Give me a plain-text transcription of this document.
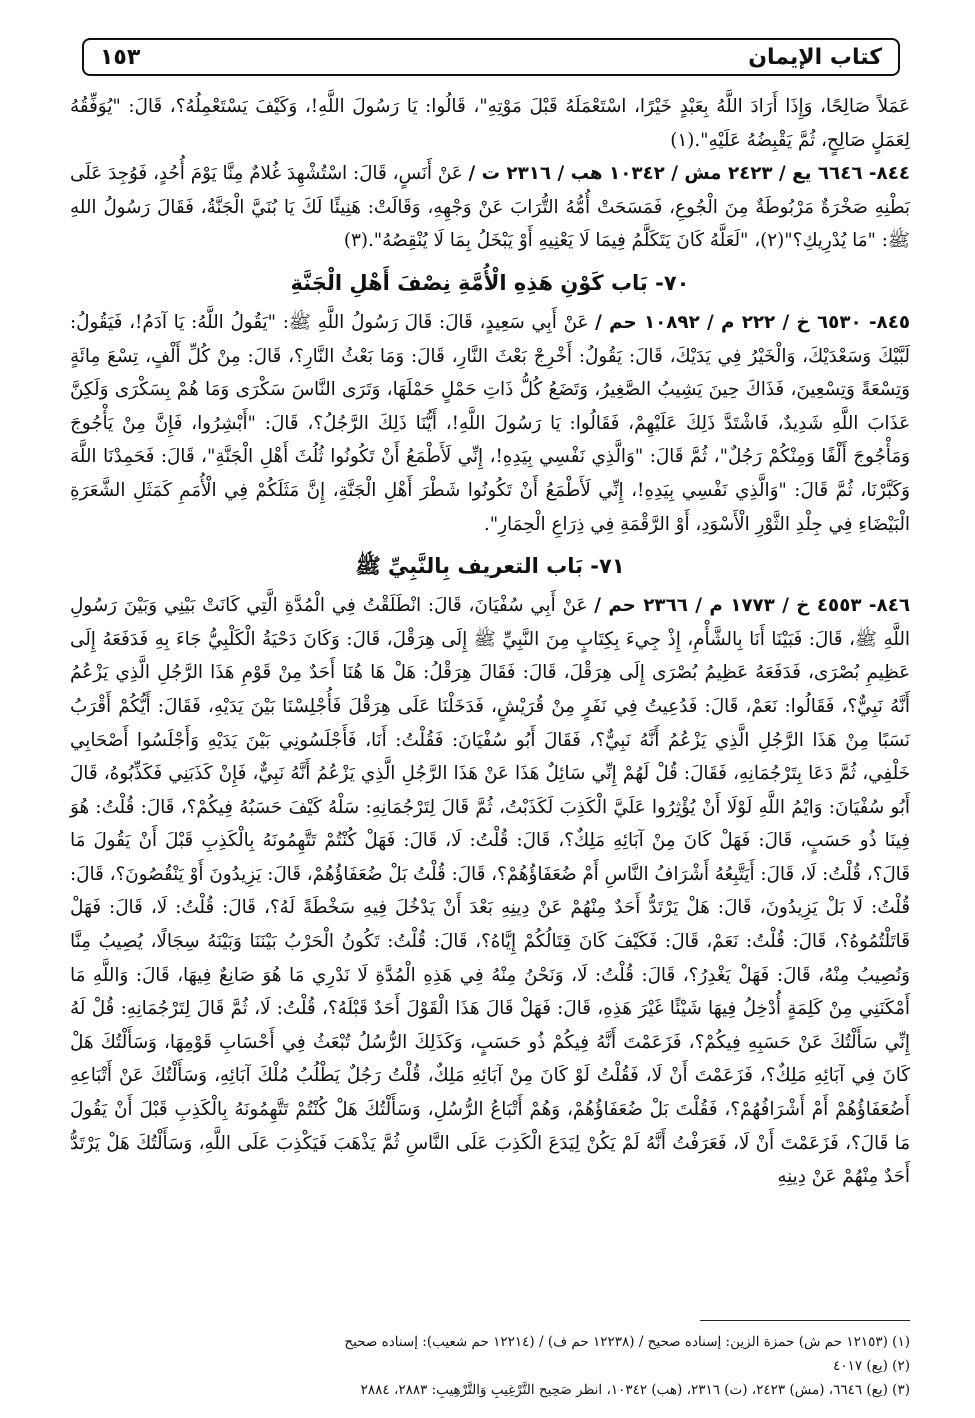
كتاب الإيمان
١٥٣

عَمَلاً صَالِحًا، وَإِذَا أَرَادَ اللَّهُ بِعَبْدٍ خَيْرًا، اسْتَعْمَلَهُ قَبْلَ مَوْتِهِ"، قَالُوا: يَا رَسُولَ اللَّهِ!، وَكَيْفَ يَسْتَعْمِلُهُ؟، قَالَ: "يُوَفِّقُهُ لِعَمَلٍ صَالِحٍ، ثُمَّ يَقْبِضُهُ عَلَيْهِ".(١)

٨٤٤- ٦٦٤٦ يع / ٢٤٢٣ مش / ١٠٣٤٢ هب / ٢٣١٦ ت / عَنْ أَنَسٍ، قَالَ: اسْتُشْهِدَ غُلامٌ مِنَّا يَوْمَ أُحُدٍ، فَوُجِدَ عَلَى بَطْنِهِ صَخْرَةٌ مَرْبُوطَةٌ مِنَ الْجُوعِ، فَمَسَحَتْ أُمُّهُ التُّرَابَ عَنْ وَجْهِهِ، وَقَالَتْ: هَنِيئًا لَكَ يَا بُنَيَّ الْجَنَّةُ، فَقَالَ رَسُولُ اللهِ ﷺ: "مَا يُدْرِيكِ؟"(٢)، "لَعَلَّهُ كَانَ يَتَكَلَّمُ فِيمَا لَا يَعْنِيهِ أَوْ يَبْخَلُ بِمَا لَا يُنْقِصُهُ".(٣)

٧٠- بَاب كَوْنِ هَذِهِ الْأُمَّةِ نِصْفَ أَهْلِ الْجَنَّةِ

٨٤٥- ٦٥٣٠ خ / ٢٢٢ م / ١٠٨٩٢ حم / عَنْ أَبِي سَعِيدٍ، قَالَ: قَالَ رَسُولُ اللَّهِ ﷺ: "يَقُولُ اللَّهُ: يَا آدَمُ!، فَيَقُولُ: لَبَّيْكَ وَسَعْدَيْكَ، وَالْخَيْرُ فِي يَدَيْكَ، قَالَ: يَقُولُ: أَخْرِجْ بَعْثَ النَّارِ، قَالَ: وَمَا بَعْثُ النَّارِ؟، قَالَ: مِنْ كُلِّ أَلْفٍ، تِسْعَ مِائَةٍ وَتِسْعَةً وَتِسْعِينَ، فَذَاكَ حِينَ يَشِيبُ الصَّغِيرُ، وَتَضَعُ كُلُّ ذَاتِ حَمْلٍ حَمْلَهَا، وَتَرَى النَّاسَ سَكْرَى وَمَا هُمْ بِسَكْرَى وَلَكِنَّ عَذَابَ اللَّهِ شَدِيدٌ، فَاشْتَدَّ ذَلِكَ عَلَيْهِمْ، فَقَالُوا: يَا رَسُولَ اللَّهِ!، أَيُّنَا ذَلِكَ الرَّجُلُ؟، قَالَ: "أَبْشِرُوا، فَإِنَّ مِنْ يَأْجُوجَ وَمَأْجُوجَ أَلْفًا وَمِنْكُمْ رَجُلٌ"، ثُمَّ قَالَ: "وَالَّذِي نَفْسِي بِيَدِهِ!، إِنِّي لَأَطْمَعُ أَنْ تَكُونُوا ثُلُثَ أَهْلِ الْجَنَّةِ"، قَالَ: فَحَمِدْنَا اللَّهَ وَكَبَّرْنَا، ثُمَّ قَالَ: "وَالَّذِي نَفْسِي بِيَدِهِ!، إِنِّي لَأَطْمَعُ أَنْ تَكُونُوا شَطْرَ أَهْلِ الْجَنَّةِ، إِنَّ مَثَلَكُمْ فِي الْأُمَمِ كَمَثَلِ الشَّعَرَةِ الْبَيْضَاءِ فِي جِلْدِ الثَّوْرِ الْأَسْوَدِ، أَوْ الرَّقْمَةِ فِي ذِرَاعِ الْحِمَارِ".

٧١- بَاب التعريف بِالنَّبِيِّ ﷺ

٨٤٦- ٤٥٥٣ خ / ١٧٧٣ م / ٢٣٦٦ حم / عَنْ أَبِي سُفْيَانَ، قَالَ: انْطَلَقْتُ فِي الْمُدَّةِ الَّتِي كَانَتْ بَيْنِي وَبَيْنَ رَسُولِ اللَّهِ ﷺ، قَالَ: فَبَيْنَا أَنَا بِالشَّأْمِ، إِذْ جِيءَ بِكِتَابٍ مِنَ النَّبِيِّ ﷺ إِلَى هِرَقْلَ، قَالَ: وَكَانَ دَحْيَةُ الْكَلْبِيُّ جَاءَ بِهِ فَدَفَعَهُ إِلَى عَظِيمِ بُصْرَى، فَدَفَعَهُ عَظِيمُ بُصْرَى إِلَى هِرَقْلَ، قَالَ: فَقَالَ هِرَقْلُ: هَلْ هَا هُنَا أَحَدٌ مِنْ قَوْمِ هَذَا الرَّجُلِ الَّذِي يَزْعُمُ أَنَّهُ نَبِيٌّ؟، فَقَالُوا: نَعَمْ، قَالَ: فَدُعِيتُ فِي نَفَرٍ مِنْ قُرَيْشٍ، فَدَخَلْنَا عَلَى هِرَقْلَ فَأُجْلِسْنَا بَيْنَ يَدَيْهِ، فَقَالَ: أَيُّكُمْ أَقْرَبُ نَسَبًا مِنْ هَذَا الرَّجُلِ الَّذِي يَزْعُمُ أَنَّهُ نَبِيٌّ؟، فَقَالَ أَبُو سُفْيَانَ: فَقُلْتُ: أَنَا، فَأَجْلَسُونِي بَيْنَ يَدَيْهِ وَأَجْلَسُوا أَصْحَابِي خَلْفِي، ثُمَّ دَعَا بِتَرْجُمَانِهِ، فَقَالَ: قُلْ لَهُمْ إِنِّي سَائِلٌ هَذَا عَنْ هَذَا الرَّجُلِ الَّذِي يَزْعُمُ أَنَّهُ نَبِيٌّ، فَإِنْ كَذَبَنِي فَكَذِّبُوهُ، قَالَ أَبُو سُفْيَانَ: وَايْمُ اللَّهِ لَوْلَا أَنْ يُؤْثِرُوا عَلَيَّ الْكَذِبَ لَكَذَبْتُ، ثُمَّ قَالَ لِتَرْجُمَانِهِ: سَلْهُ كَيْفَ حَسَبُهُ فِيكُمْ؟، قَالَ: قُلْتُ: هُوَ فِينَا ذُو حَسَبٍ، قَالَ: فَهَلْ كَانَ مِنْ آبَائِهِ مَلِكٌ؟، قَالَ: قُلْتُ: لَا، قَالَ: فَهَلْ كُنْتُمْ تَتَّهِمُونَهُ بِالْكَذِبِ قَبْلَ أَنْ يَقُولَ مَا قَالَ؟، قُلْتُ: لَا، قَالَ: أَيَتَّبِعُهُ أَشْرَافُ النَّاسِ أَمْ ضُعَفَاؤُهُمْ؟، قَالَ: قُلْتُ بَلْ ضُعَفَاؤُهُمْ، قَالَ: يَزِيدُونَ أَوْ يَنْقُصُونَ؟، قَالَ: قُلْتُ: لَا بَلْ يَزِيدُونَ، قَالَ: هَلْ يَرْتَدُّ أَحَدٌ مِنْهُمْ عَنْ دِينِهِ بَعْدَ أَنْ يَدْخُلَ فِيهِ سَخْطَةً لَهُ؟، قَالَ: قُلْتُ: لَا، قَالَ: فَهَلْ قَاتَلْتُمُوهُ؟، قَالَ: قُلْتُ: نَعَمْ، قَالَ: فَكَيْفَ كَانَ قِتَالُكُمْ إِيَّاهُ؟، قَالَ: قُلْتُ: تَكُونُ الْحَرْبُ بَيْنَنَا وَبَيْنَهُ سِجَالًا، يُصِيبُ مِنَّا وَنُصِيبُ مِنْهُ، قَالَ: فَهَلْ يَغْدِرُ؟، قَالَ: قُلْتُ: لَا، وَنَحْنُ مِنْهُ فِي هَذِهِ الْمُدَّةِ لَا نَدْرِي مَا هُوَ صَانِعٌ فِيهَا، قَالَ: وَاللَّهِ مَا أَمْكَنَنِي مِنْ كَلِمَةٍ أُدْخِلُ فِيهَا شَيْئًا غَيْرَ هَذِهِ، قَالَ: فَهَلْ قَالَ هَذَا الْقَوْلَ أَحَدٌ قَبْلَهُ؟، قُلْتُ: لَا، ثُمَّ قَالَ لِتَرْجُمَانِهِ: قُلْ لَهُ إِنِّي سَأَلْتُكَ عَنْ حَسَبِهِ فِيكُمْ؟، فَزَعَمْتَ أَنَّهُ فِيكُمْ ذُو حَسَبٍ، وَكَذَلِكَ الرُّسُلُ تُبْعَثُ فِي أَحْسَابِ قَوْمِهَا، وَسَأَلْتُكَ هَلْ كَانَ فِي آبَائِهِ مَلِكٌ؟، فَزَعَمْتَ أَنْ لَا، فَقُلْتُ لَوْ كَانَ مِنْ آبَائِهِ مَلِكٌ، قُلْتُ رَجُلٌ يَطْلُبُ مُلْكَ آبَائِهِ، وَسَأَلْتُكَ عَنْ أَتْبَاعِهِ أَضُعَفَاؤُهُمْ أَمْ أَشْرَافُهُمْ؟، فَقُلْتَ بَلْ ضُعَفَاؤُهُمْ، وَهُمْ أَتْبَاعُ الرُّسُلِ، وَسَأَلْتُكَ هَلْ كُنْتُمْ تَتَّهِمُونَهُ بِالْكَذِبِ قَبْلَ أَنْ يَقُولَ مَا قَالَ؟، فَزَعَمْتَ أَنْ لَا، فَعَرَفْتُ أَنَّهُ لَمْ يَكُنْ لِيَدَعَ الْكَذِبَ عَلَى النَّاسِ ثُمَّ يَذْهَبَ فَيَكْذِبَ عَلَى اللَّهِ، وَسَأَلْتُكَ هَلْ يَرْتَدُّ أَحَدٌ مِنْهُمْ عَنْ دِينِهِ

(١) (١٢١٥٣ حم ش) حمزة الزين: إسناده صحيح / (١٢٢٣٨ حم ف) / (١٢٢١٤ حم شعيب): إسناده صحيح

(٢) (يع) ٤٠١٧

(٣) (يع) ٦٦٤٦، (مش) ٢٤٢٣، (ت) ٢٣١٦، (هب) ١٠٣٤٢، انظر صَحِيح التَّرْغِيبِ وَالتَّرْهِيبِ: ٢٨٨٣، ٢٨٨٤
